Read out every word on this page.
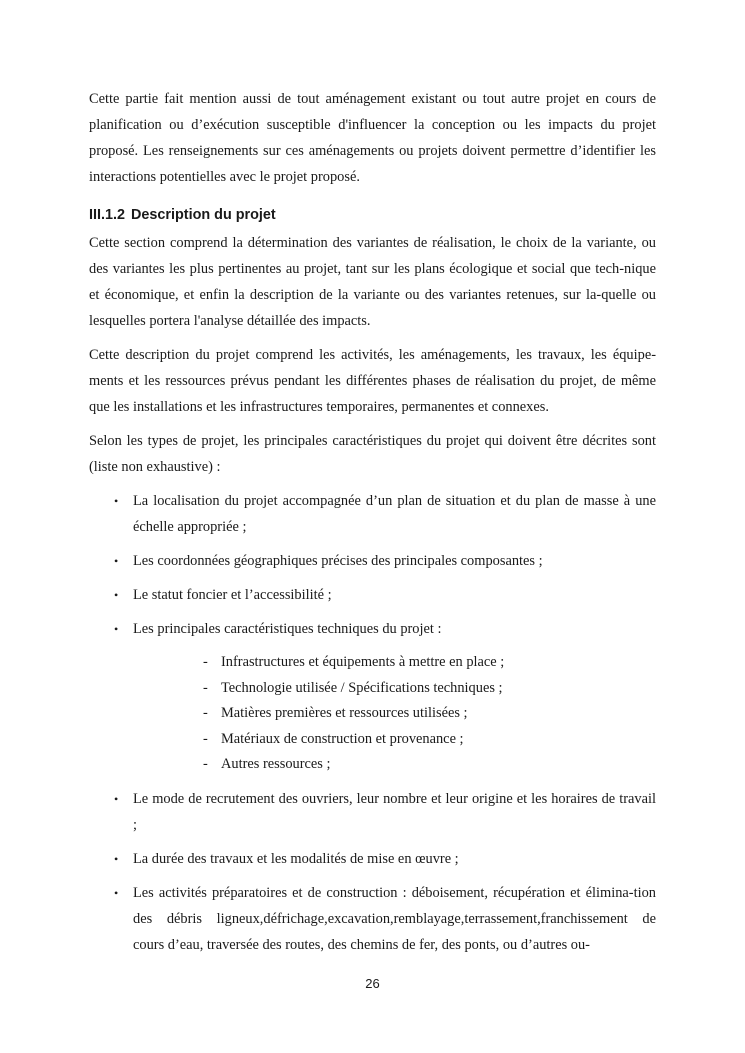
Cette partie fait mention aussi de tout aménagement existant ou tout autre projet en cours de planification ou d’exécution susceptible d'influencer la conception ou les impacts du projet proposé. Les renseignements sur ces aménagements ou projets doivent permettre d’identifier les interactions potentielles avec le projet proposé.

III.1.2 Description du projet

Cette section comprend la détermination des variantes de réalisation, le choix de la variante, ou des variantes les plus pertinentes au projet, tant sur les plans écologique et social que tech-nique et économique, et enfin la description de la variante ou des variantes retenues, sur la-quelle ou lesquelles portera l'analyse détaillée des impacts.

Cette description du projet comprend les activités, les aménagements, les travaux, les équipe-ments et les ressources prévus pendant les différentes phases de réalisation du projet, de même que les installations et les infrastructures temporaires, permanentes et connexes.

Selon les types de projet, les principales caractéristiques du projet qui doivent être décrites sont (liste non exhaustive) :

• La localisation du projet accompagnée d’un plan de situation et du plan de masse à une échelle appropriée ;
• Les coordonnées géographiques précises des principales composantes ;
• Le statut foncier et l’accessibilité ;
• Les principales caractéristiques techniques du projet :
- Infrastructures et équipements à mettre en place ;
- Technologie utilisée / Spécifications techniques ;
- Matières premières et ressources utilisées ;
- Matériaux de construction et provenance ;
- Autres ressources ;
• Le mode de recrutement des ouvriers, leur nombre et leur origine et les horaires de travail ;
• La durée des travaux et les modalités de mise en œuvre ;
• Les activités préparatoires et de construction : déboisement, récupération et élimina-tion des débris ligneux,défrichage,excavation,remblayage,terrassement,franchissement de cours d’eau, traversée des routes, des chemins de fer, des ponts, ou d’autres ou-
26
